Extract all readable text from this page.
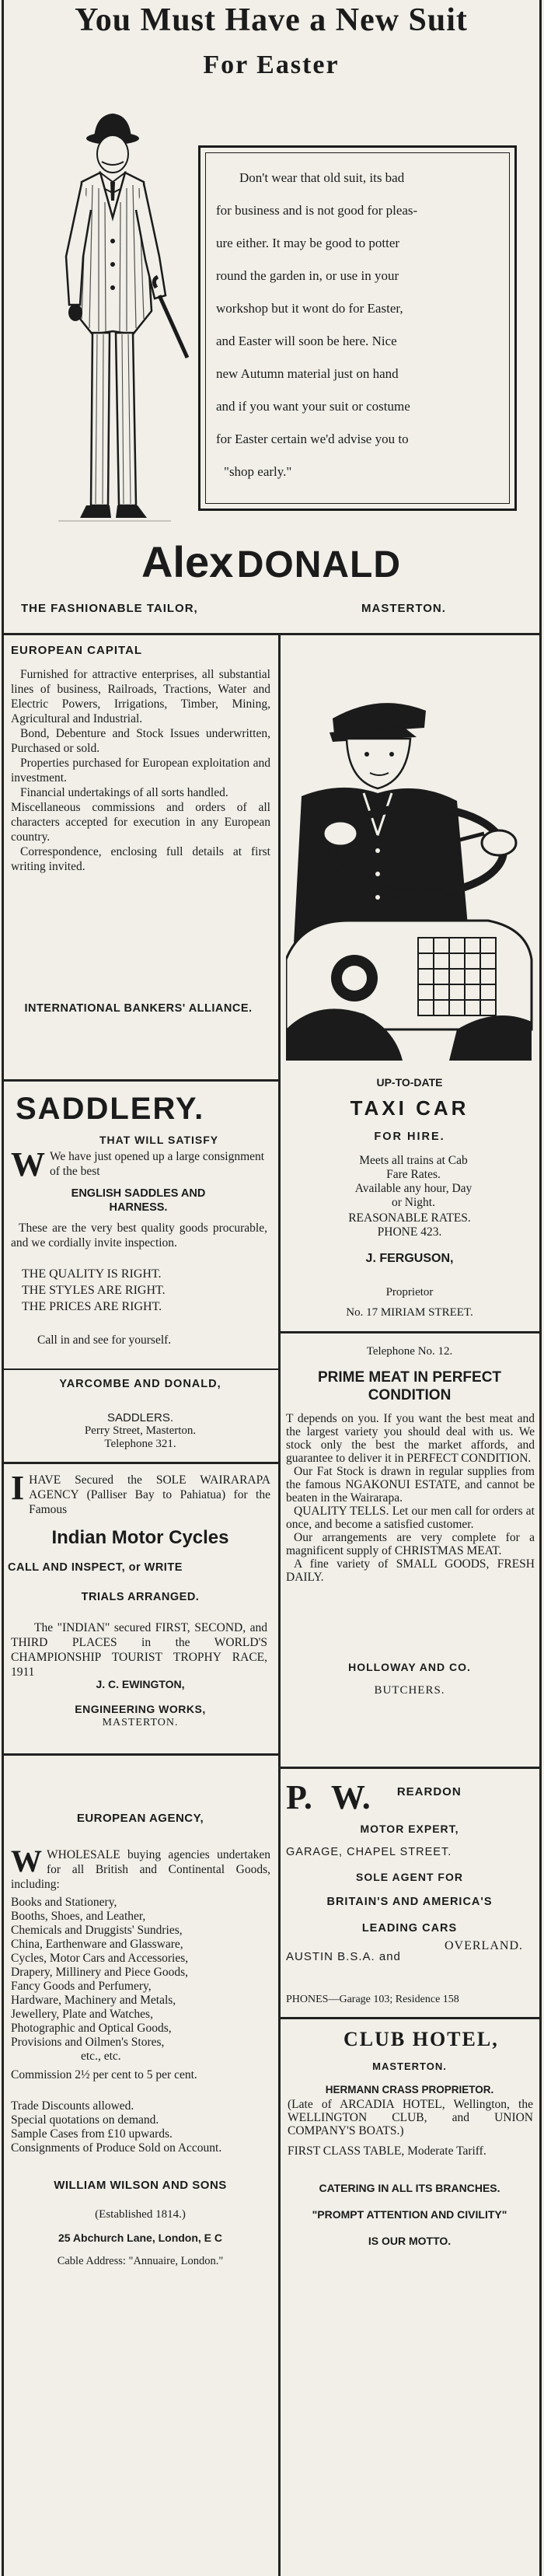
You Must Have a New Suit
For Easter
Don't wear that old suit, its bad
for business and is not good for pleas-
ure either. It may be good to potter
round the garden in, or use in your
workshop but it wont do for Easter,
and Easter will soon be here. Nice
new Autumn material just on hand
and if you want your suit or costume
for Easter certain we'd advise you to
"shop early."
Alex DONALD
THE FASHIONABLE TAILOR,	MASTERTON.
EUROPEAN CAPITAL

Furnished for attractive enterprises, all substantial lines of business, Railroads, Tractions, Water and Electric Powers, Irrigations, Timber, Mining, Agricultural and Industrial.

Bond, Debenture and Stock Issues underwritten, Purchased or sold.

Properties purchased for European exploitation and investment.

Financial undertakings of all sorts handled.

Miscellaneous commissions and orders of all characters accepted for execution in any European country.

Correspondence, enclosing full details at first writing invited.

INTERNATIONAL BANKERS' ALLIANCE.
SADDLERY.
THAT WILL SATISFY
W We have just opened up a large consignment of the best
ENGLISH SADDLES AND HARNESS.
These are the very best quality goods procurable, and we cordially invite inspection.
THE QUALITY IS RIGHT.
THE STYLES ARE RIGHT.
THE PRICES ARE RIGHT.
Call in and see for yourself.
YARCOMBE AND DONALD,
SADDLERS.
Perry Street, Masterton.
Telephone 321.
I HAVE Secured the SOLE WAIRARAPA AGENCY (Palliser Bay to Pahiatua) for the Famous
Indian Motor Cycles
CALL AND INSPECT, or WRITE
TRIALS ARRANGED.
The "INDIAN" secured FIRST, SECOND, and THIRD PLACES in the WORLD'S CHAMPIONSHIP TOURIST TROPHY RACE, 1911
J. C. EWINGTON,
ENGINEERING WORKS,
MASTERTON.
EUROPEAN AGENCY,
W WHOLESALE buying agencies undertaken for all British and Continental Goods, including:
Books and Stationery,
Booths, Shoes, and Leather,
Chemicals and Druggists' Sundries,
China, Earthenware and Glassware,
Cycles, Motor Cars and Accessories,
Drapery, Millinery and Piece Goods,
Fancy Goods and Perfumery,
Hardware, Machinery and Metals,
Jewellery, Plate and Watches,
Photographic and Optical Goods,
Provisions and Oilmen's Stores,
etc., etc.
Commission 2½ per cent to 5 per cent.
Trade Discounts allowed.
Special quotations on demand.
Sample Cases from £10 upwards.
Consignments of Produce Sold on Account.
WILLIAM WILSON AND SONS
(Established 1814.)
25 Abchurch Lane, London, E C
Cable Address: "Annuaire, London."
UP-TO-DATE
TAXI CAR
FOR HIRE.
Meets all trains at Cab Fare Rates.
Available any hour, Day or Night.
REASONABLE RATES.
PHONE 423.
J. FERGUSON,
Proprietor
No. 17 MIRIAM STREET.
Telephone No. 12.
PRIME MEAT IN PERFECT CONDITION

T depends on you. If you want the best meat and the largest variety you should deal with us. We stock only the best the market affords, and guarantee to deliver it in PERFECT CONDITION.

Our Fat Stock is drawn in regular supplies from the famous NGAKONUI ESTATE, and cannot be beaten in the Wairarapa.

QUALITY TELLS. Let our men call for orders at once, and become a satisfied customer.

Our arrangements are very complete for a magnificent supply of CHRISTMAS MEAT.

A fine variety of SMALL GOODS, FRESH DAILY.

HOLLOWAY AND CO.
BUTCHERS.
P. W. REARDON
MOTOR EXPERT,
GARAGE, CHAPEL STREET.
SOLE AGENT FOR
BRITAIN'S AND AMERICA'S
LEADING CARS
AUSTIN B.S.A. and
OVERLAND.
PHONES—Garage 103; Residence 158
CLUB HOTEL,
MASTERTON.
HERMANN CRASS PROPRIETOR.
(Late of ARCADIA HOTEL, Wellington, the WELLINGTON CLUB, and UNION COMPANY'S BOATS.)
FIRST CLASS TABLE, Moderate Tariff.
CATERING IN ALL ITS BRANCHES.
"PROMPT ATTENTION AND CIVILITY"
IS OUR MOTTO.
